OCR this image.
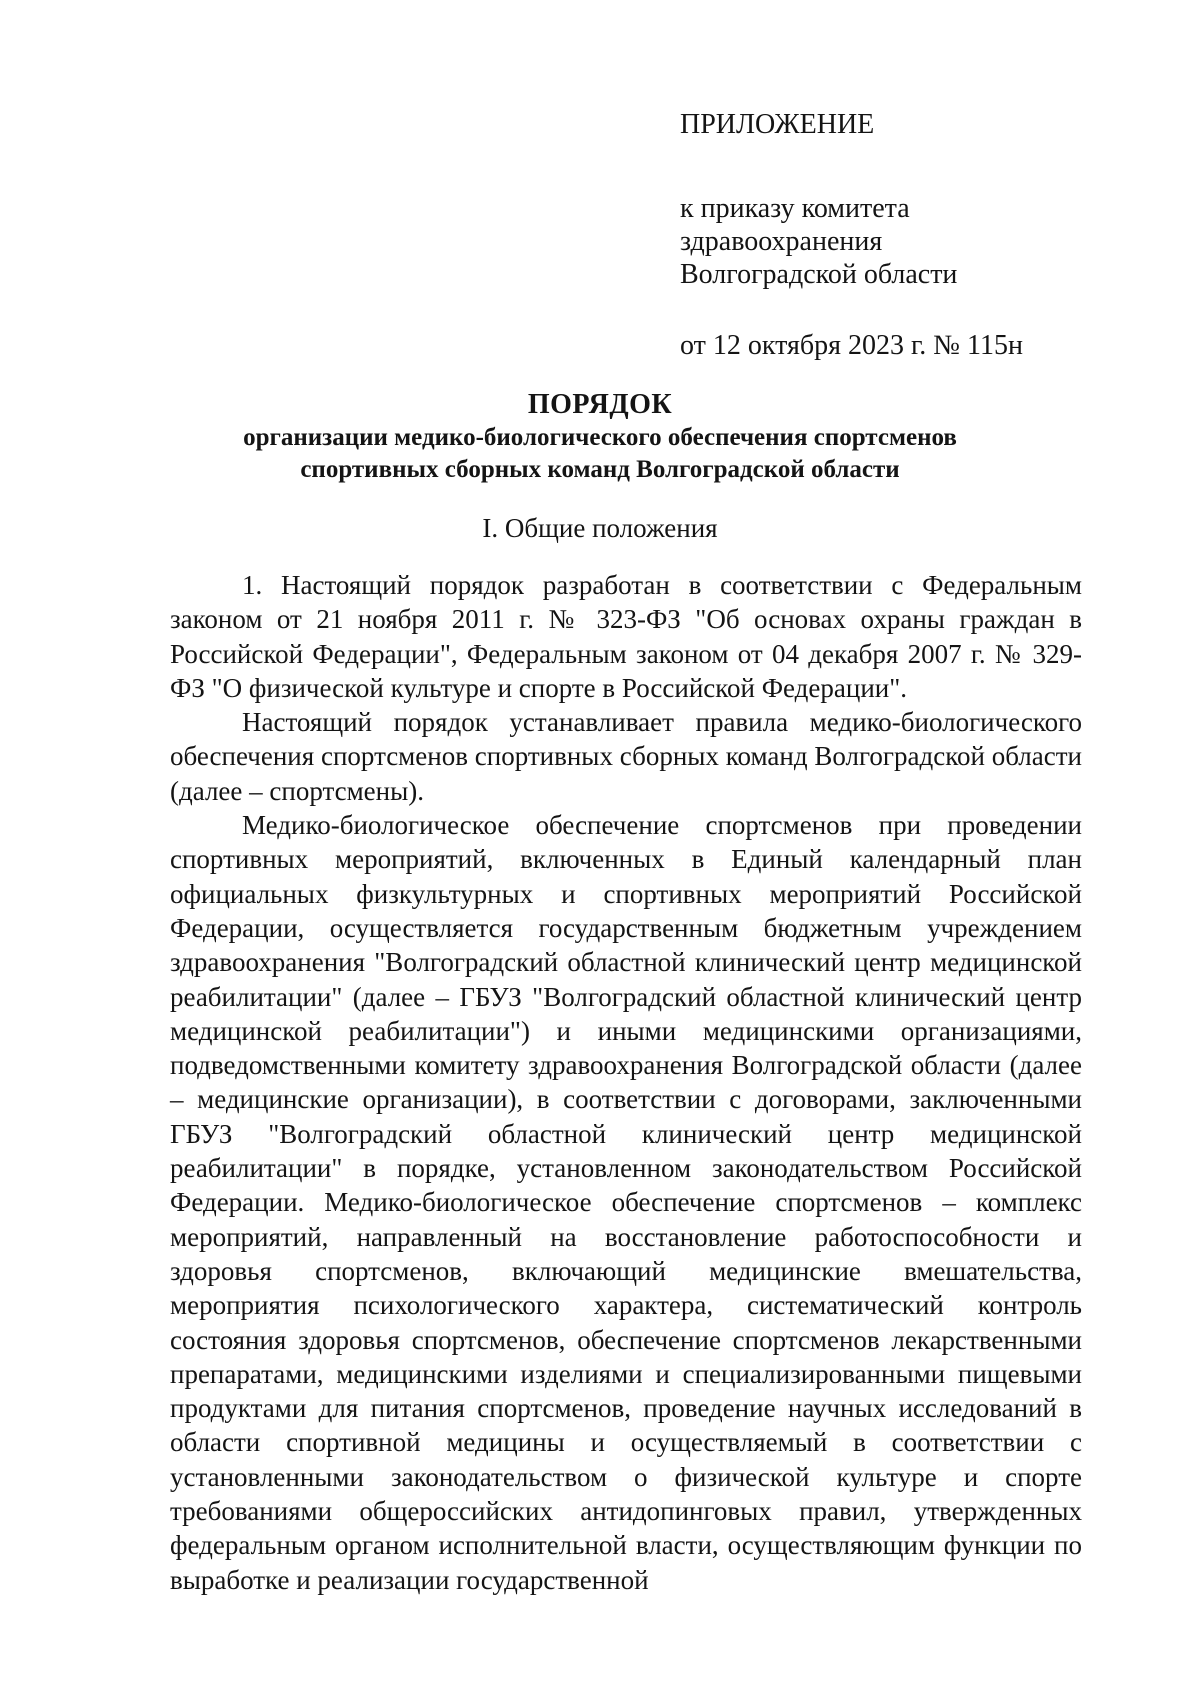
ПРИЛОЖЕНИЕ
к приказу комитета
здравоохранения
Волгоградской области
от 12 октября 2023 г. № 115н
ПОРЯДОК
организации медико-биологического обеспечения спортсменов
спортивных сборных команд Волгоградской области
I. Общие положения

1. Настоящий порядок разработан в соответствии с Федеральным законом от 21 ноября 2011 г. № 323-ФЗ "Об основах охраны граждан в Российской Федерации", Федеральным законом от 04 декабря 2007 г. № 329-ФЗ "О физической культуре и спорте в Российской Федерации".

Настоящий порядок устанавливает правила медико-биологического обеспечения спортсменов спортивных сборных команд Волгоградской области (далее – спортсмены).

Медико-биологическое обеспечение спортсменов при проведении спортивных мероприятий, включенных в Единый календарный план официальных физкультурных и спортивных мероприятий Российской Федерации, осуществляется государственным бюджетным учреждением здравоохранения "Волгоградский областной клинический центр медицинской реабилитации" (далее – ГБУЗ "Волгоградский областной клинический центр медицинской реабилитации") и иными медицинскими организациями, подведомственными комитету здравоохранения Волгоградской области (далее – медицинские организации), в соответствии с договорами, заключенными ГБУЗ "Волгоградский областной клинический центр медицинской реабилитации" в порядке, установленном законодательством Российской Федерации. Медико-биологическое обеспечение спортсменов – комплекс мероприятий, направленный на восстановление работоспособности и здоровья спортсменов, включающий медицинские вмешательства, мероприятия психологического характера, систематический контроль состояния здоровья спортсменов, обеспечение спортсменов лекарственными препаратами, медицинскими изделиями и специализированными пищевыми продуктами для питания спортсменов, проведение научных исследований в области спортивной медицины и осуществляемый в соответствии с установленными законодательством о физической культуре и спорте требованиями общероссийских антидопинговых правил, утвержденных федеральным органом исполнительной власти, осуществляющим функции по выработке и реализации государственной
